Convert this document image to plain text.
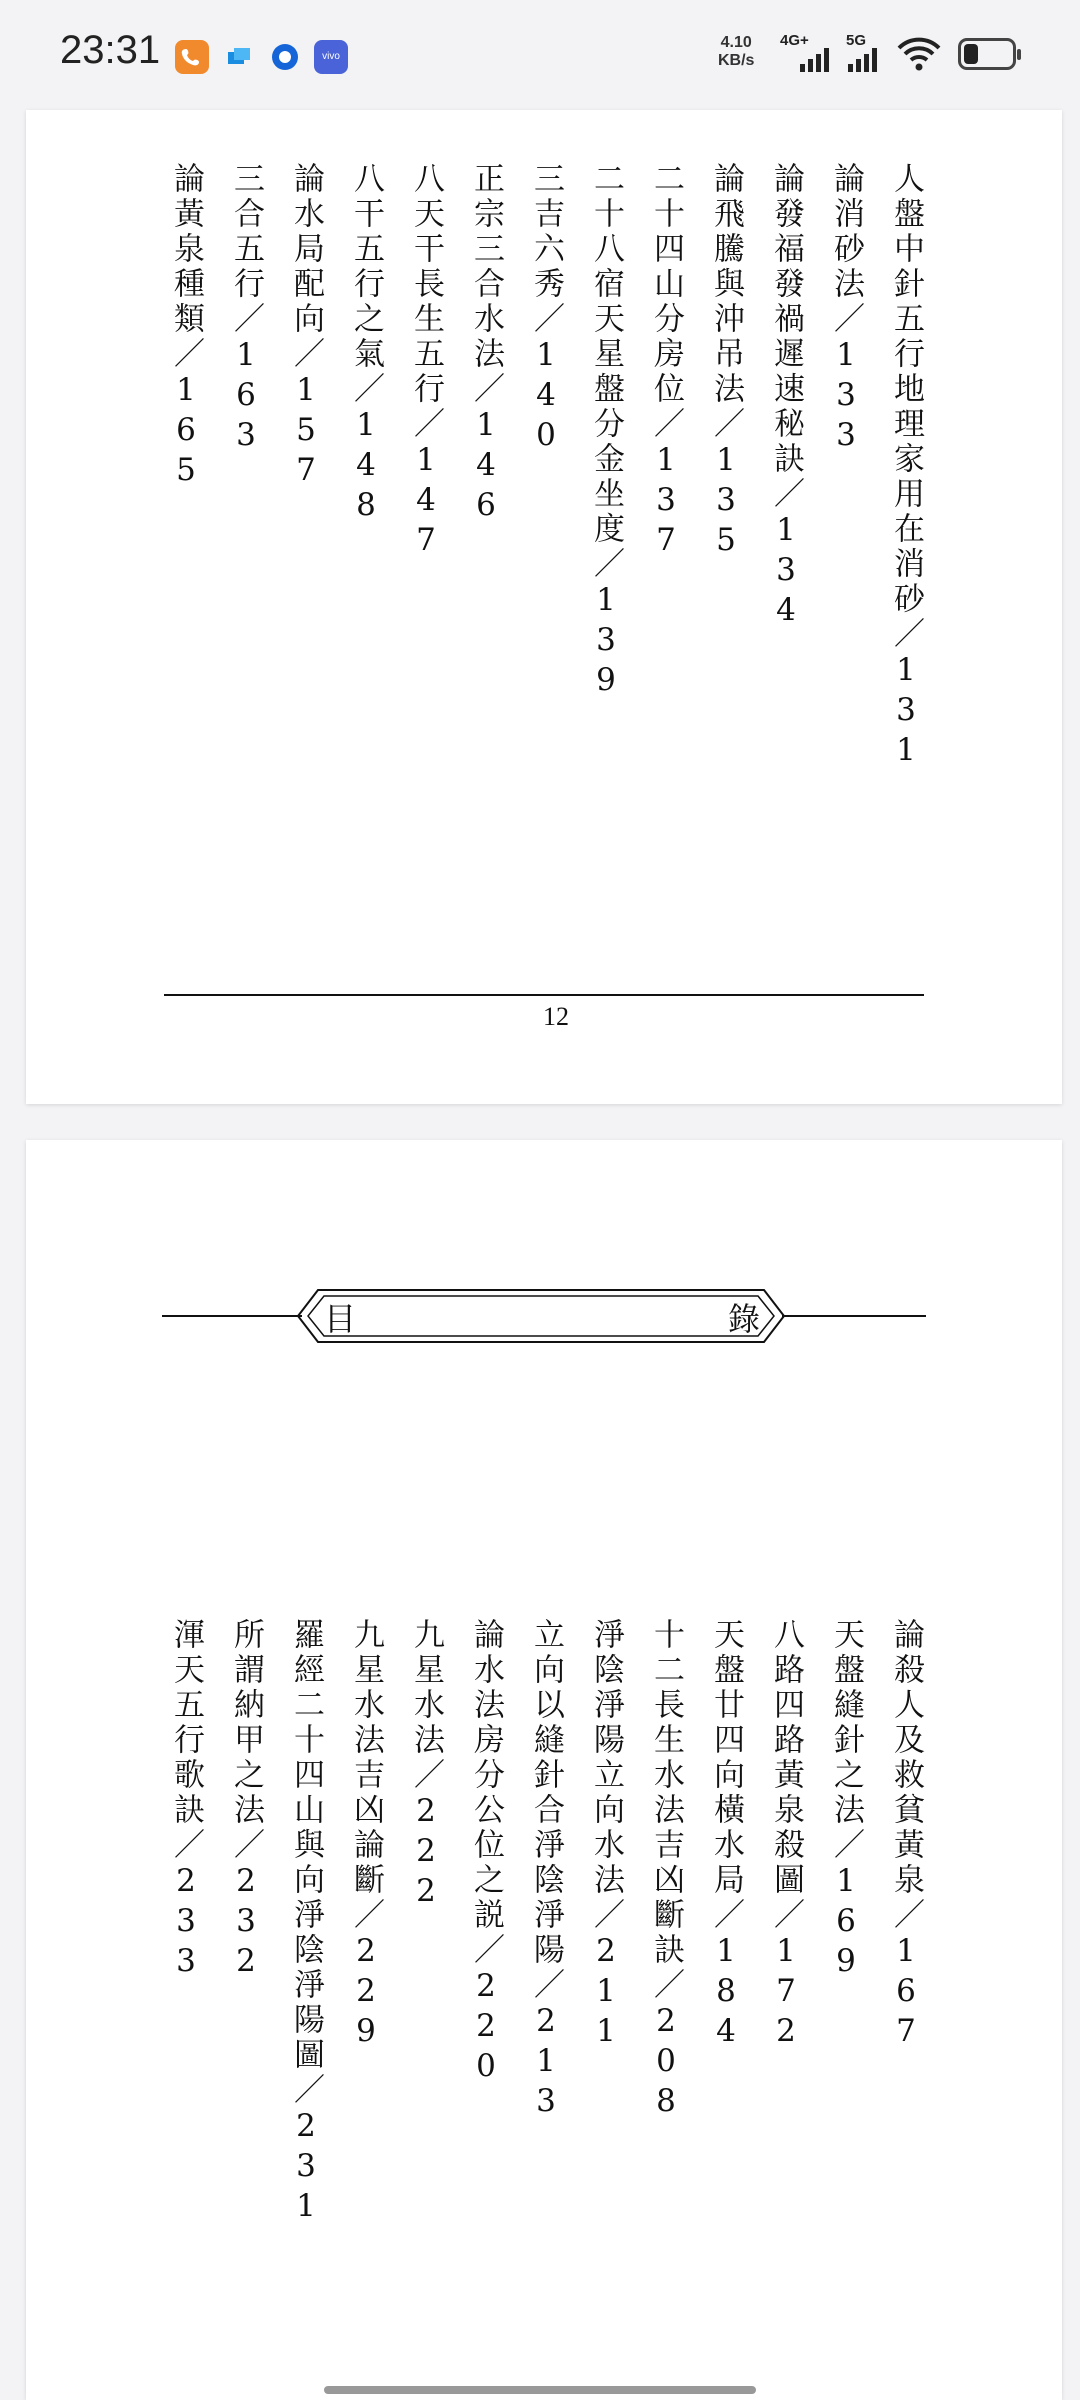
23:31	vivo
4.10
KB/s
4G+ 5G
人盤中針五行地理家用在消砂／131
論消砂法／133
論發福發禍遲速秘訣／134
論飛騰與沖吊法／135
二十四山分房位／137
二十八宿天星盤分金坐度／139
三吉六秀／140
正宗三合水法／146
八天干長生五行／147
八干五行之氣／148
論水局配向／157
三合五行／163
論黃泉種類／165
12
目	錄
論殺人及救貧黃泉／167
天盤縫針之法／169
八路四路黃泉殺圖／172
天盤廿四向橫水局／184
十二長生水法吉凶斷訣／208
淨陰淨陽立向水法／211
立向以縫針合淨陰淨陽／213
論水法房分公位之説／220
九星水法／222
九星水法吉凶論斷／229
羅經二十四山與向淨陰淨陽圖／231
所謂納甲之法／232
渾天五行歌訣／233
